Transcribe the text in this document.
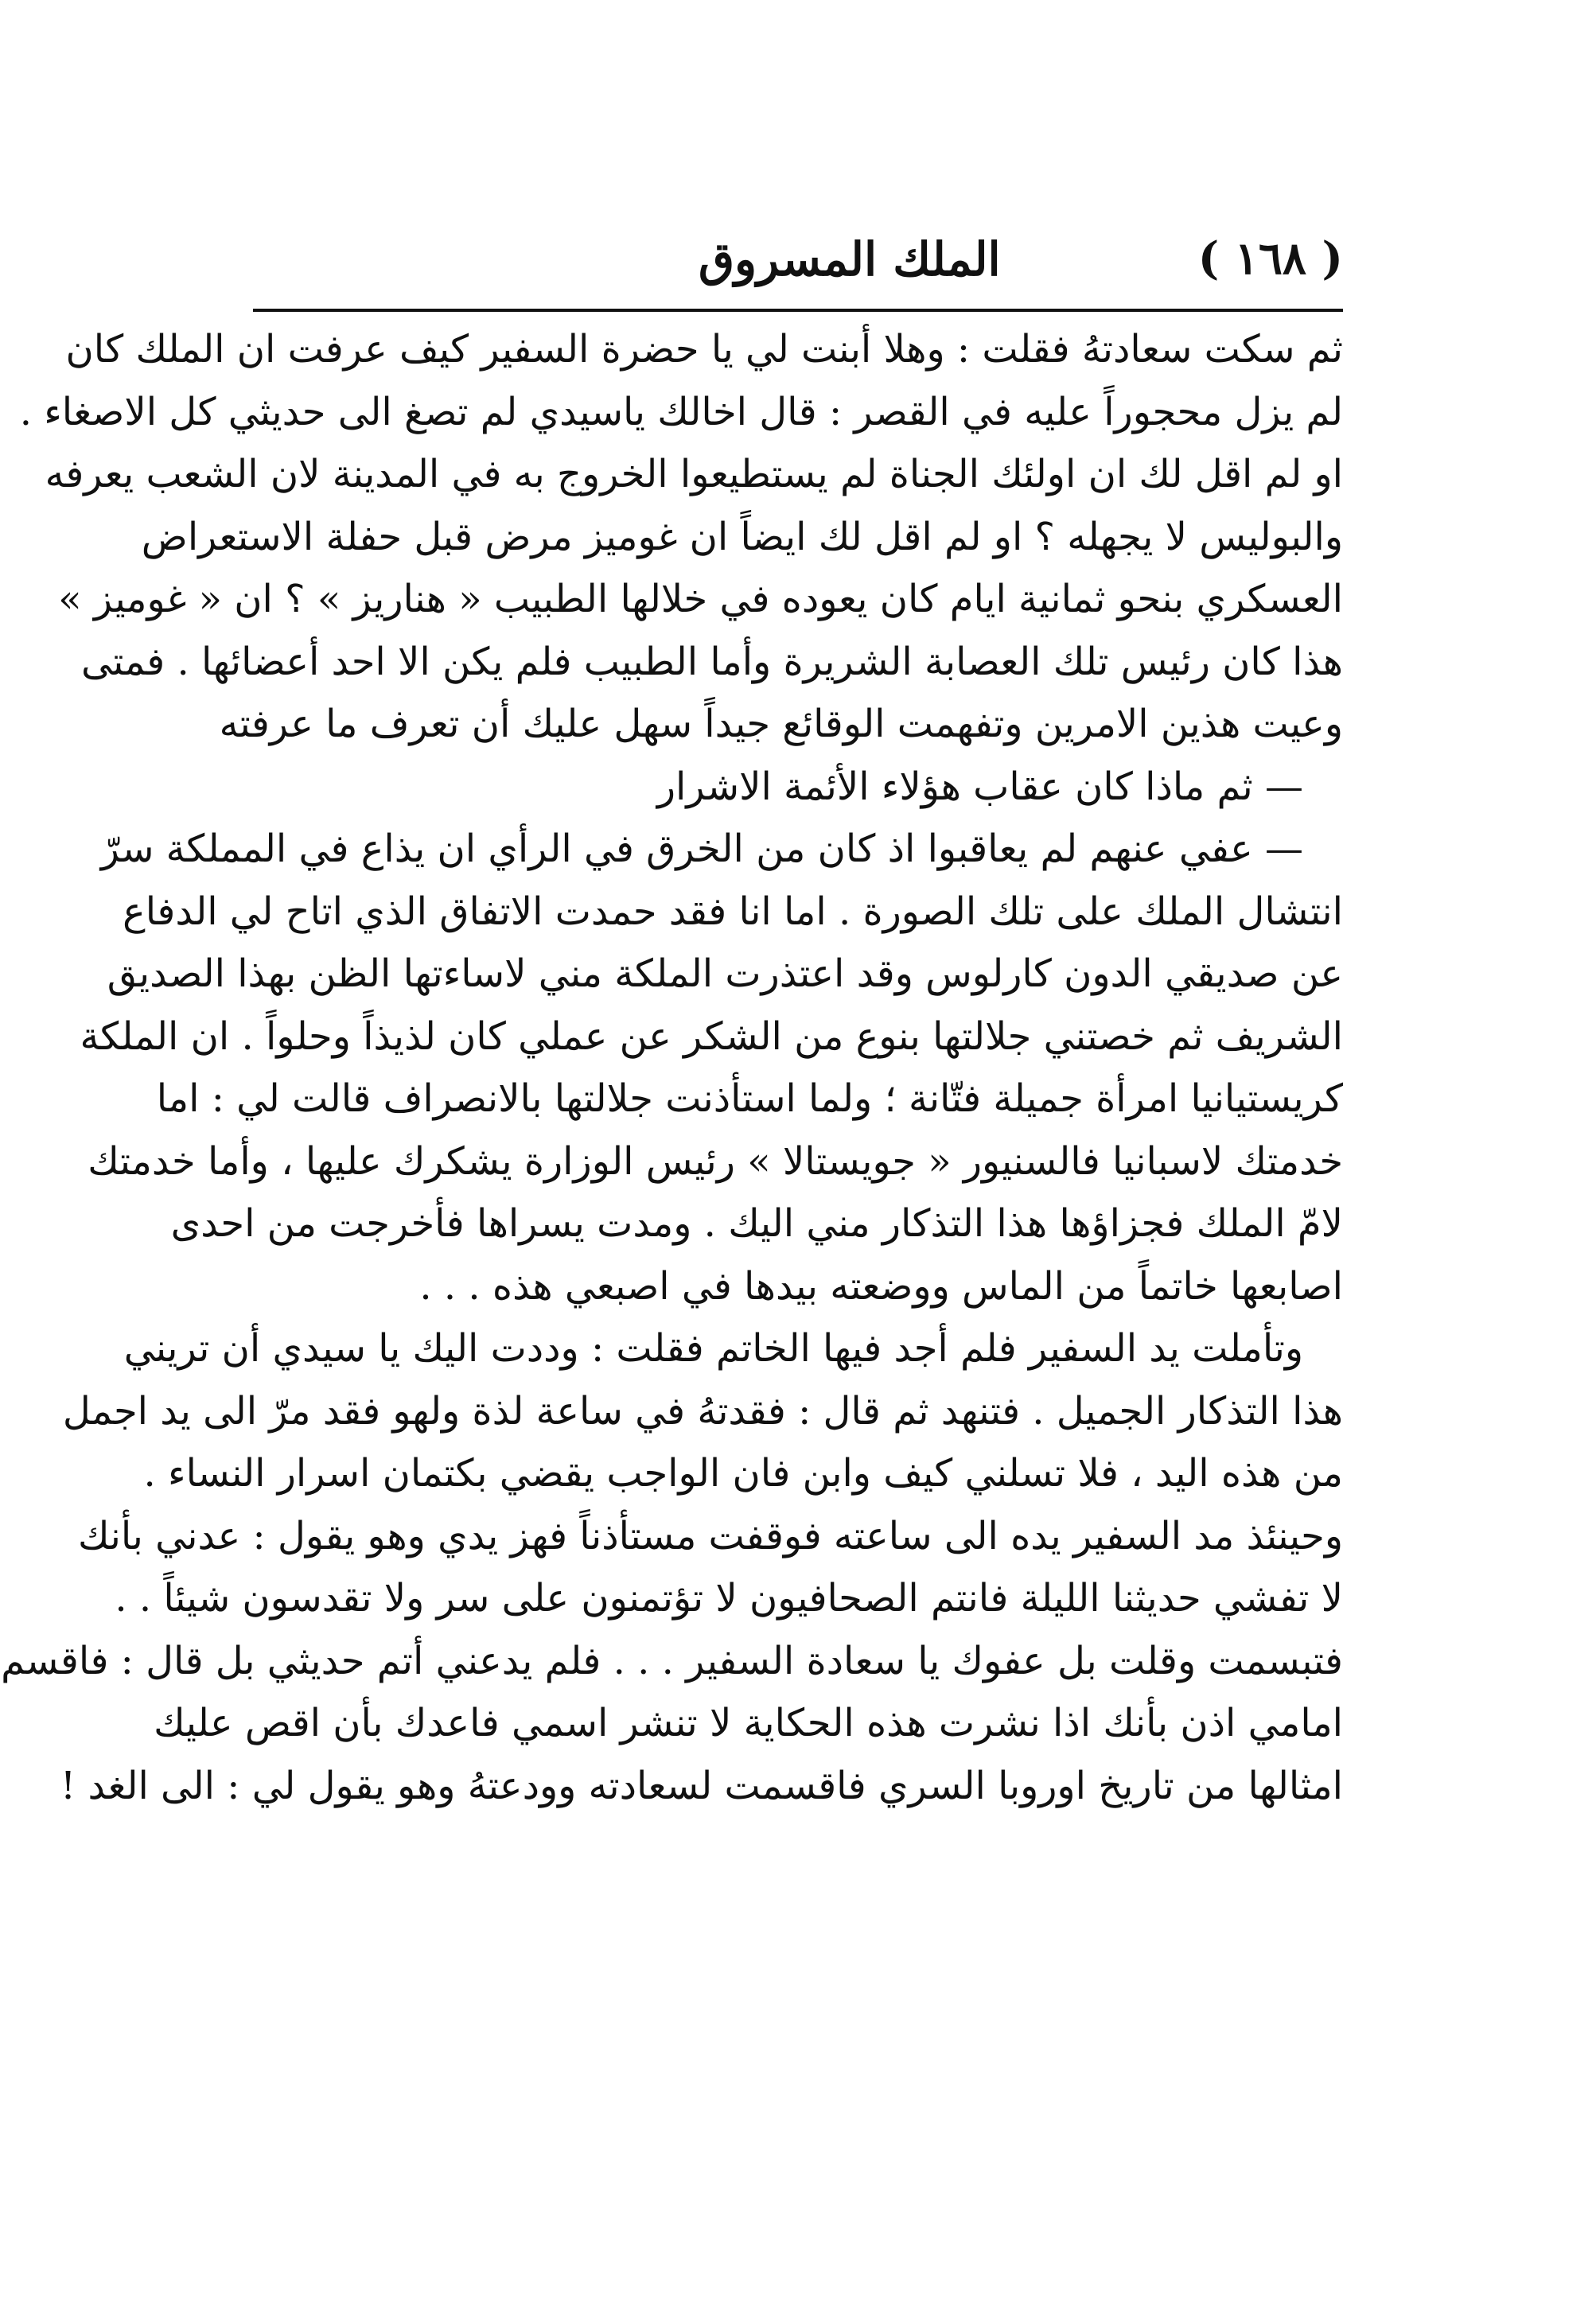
( ١٦٨ )
الملك المسروق
ثم سكت سعادتهُ فقلت : وهلا أبنت لي يا حضرة السفير كيف عرفت ان الملك كان
لم يزل محجوراً عليه في القصر : قال اخالك ياسيدي لم تصغ الى حديثي كل الاصغاء .
او لم اقل لك ان اولئك الجناة لم يستطيعوا الخروج به في المدينة لان الشعب يعرفه
والبوليس لا يجهله ؟ او لم اقل لك ايضاً ان غوميز مرض قبل حفلة الاستعراض
العسكري بنحو ثمانية ايام كان يعوده في خلالها الطبيب « هناريز » ؟ ان « غوميز »
هذا كان رئيس تلك العصابة الشريرة وأما الطبيب فلم يكن الا احد أعضائها . فمتى
وعيت هذين الامرين وتفهمت الوقائع جيداً سهل عليك أن تعرف ما عرفته
— ثم ماذا كان عقاب هؤلاء الأئمة الاشرار
— عفي عنهم لم يعاقبوا اذ كان من الخرق في الرأي ان يذاع في المملكة سرّ
انتشال الملك على تلك الصورة . اما انا فقد حمدت الاتفاق الذي اتاح لي الدفاع
عن صديقي الدون كارلوس وقد اعتذرت الملكة مني لاساءتها الظن بهذا الصديق
الشريف ثم خصتني جلالتها بنوع من الشكر عن عملي كان لذيذاً وحلواً . ان الملكة
كريستيانيا امرأة جميلة فتّانة ؛ ولما استأذنت جلالتها بالانصراف قالت لي : اما
خدمتك لاسبانيا فالسنيور « جويستالا » رئيس الوزارة يشكرك عليها ، وأما خدمتك
لامّ الملك فجزاؤها هذا التذكار مني اليك . ومدت يسراها فأخرجت من احدى
اصابعها خاتماً من الماس ووضعته بيدها في اصبعي هذه . . .
وتأملت يد السفير فلم أجد فيها الخاتم فقلت : وددت اليك يا سيدي أن تريني
هذا التذكار الجميل . فتنهد ثم قال : فقدتهُ في ساعة لذة ولهو فقد مرّ الى يد اجمل
من هذه اليد ، فلا تسلني كيف وابن فان الواجب يقضي بكتمان اسرار النساء .
وحينئذ مد السفير يده الى ساعته فوقفت مستأذناً فهز يدي وهو يقول : عدني بأنك
لا تفشي حديثنا الليلة فانتم الصحافيون لا تؤتمنون على سر ولا تقدسون شيئاً . .
فتبسمت وقلت بل عفوك يا سعادة السفير . . . فلم يدعني أتم حديثي بل قال : فاقسم
امامي اذن بأنك اذا نشرت هذه الحكاية لا تنشر اسمي فاعدك بأن اقص عليك
امثالها من تاريخ اوروبا السري فاقسمت لسعادته وودعتهُ وهو يقول لي : الى الغد !
